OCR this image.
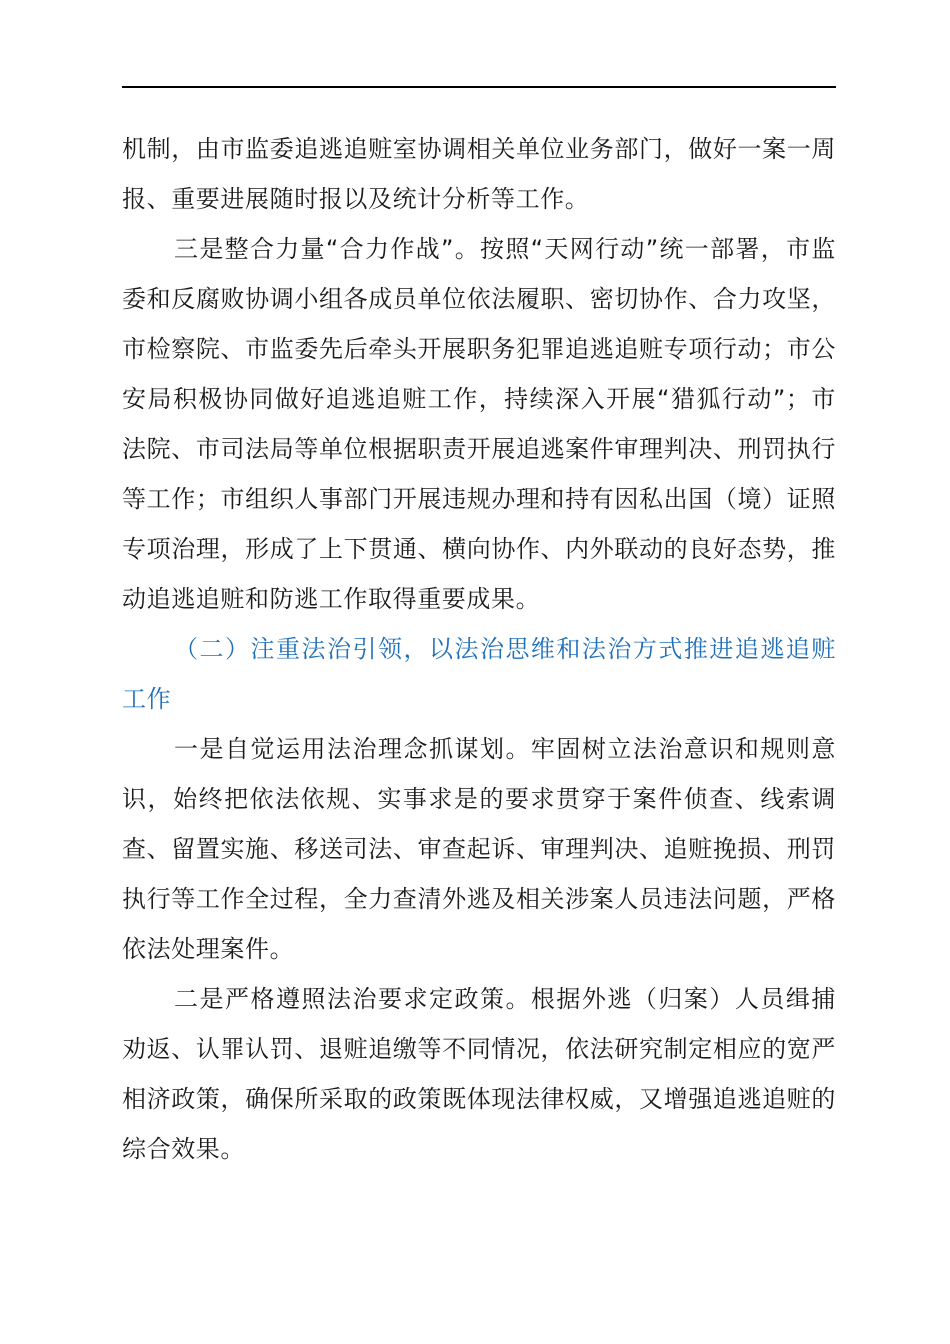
机制，由市监委追逃追赃室协调相关单位业务部门，做好一案一周报、重要进展随时报以及统计分析等工作。

三是整合力量“合力作战”。按照“天网行动”统一部署，市监委和反腐败协调小组各成员单位依法履职、密切协作、合力攻坚，市检察院、市监委先后牵头开展职务犯罪追逃追赃专项行动；市公安局积极协同做好追逃追赃工作，持续深入开展“猎狐行动”；市法院、市司法局等单位根据职责开展追逃案件审理判决、刑罚执行等工作；市组织人事部门开展违规办理和持有因私出国（境）证照专项治理，形成了上下贯通、横向协作、内外联动的良好态势，推动追逃追赃和防逃工作取得重要成果。

（二）注重法治引领，以法治思维和法治方式推进追逃追赃工作

一是自觉运用法治理念抓谋划。牢固树立法治意识和规则意识，始终把依法依规、实事求是的要求贯穿于案件侦查、线索调查、留置实施、移送司法、审查起诉、审理判决、追赃挽损、刑罚执行等工作全过程，全力查清外逃及相关涉案人员违法问题，严格依法处理案件。

二是严格遵照法治要求定政策。根据外逃（归案）人员缉捕劝返、认罪认罚、退赃追缴等不同情况，依法研究制定相应的宽严相济政策，确保所采取的政策既体现法律权威，又增强追逃追赃的综合效果。
